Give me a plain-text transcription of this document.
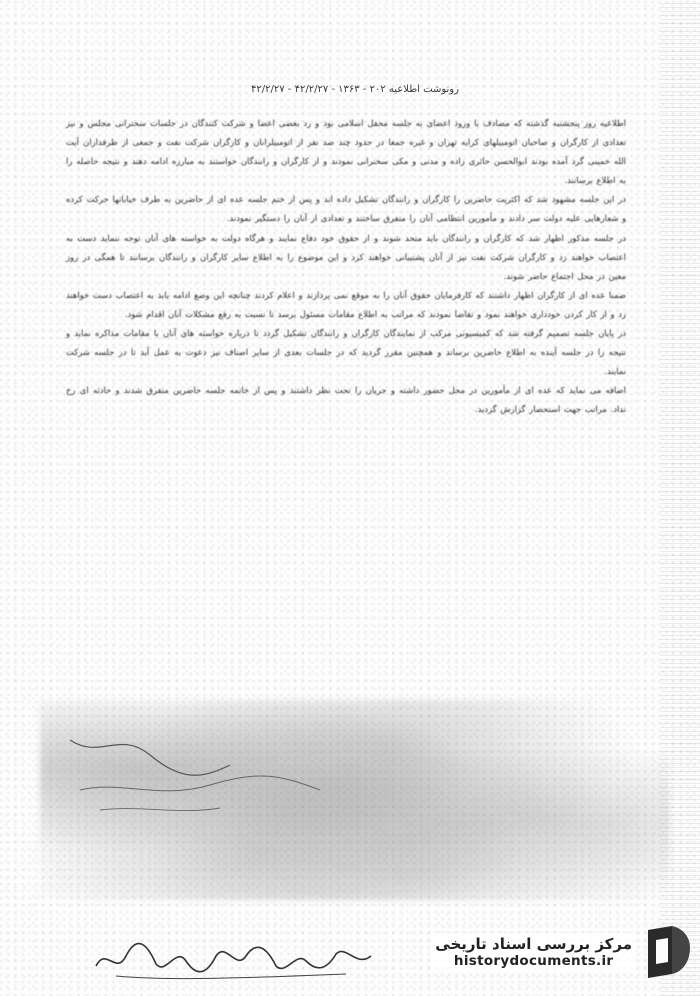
رونوشت اطلاعیه ۲۰۲ - ۱۳۶۳ - ۴۲/۲/۲۷ - ۴۲/۲/۲۷

اطلاعیه روز پنجشنبه گذشته که مصادف با ورود اعضای به جلسه محفل اسلامی بود و رد بعضی اعضا و شرکت کنندگان در جلسات سخنرانی مجلس و نیز تعدادی از کارگران و صاحبان اتومبیلهای کرایه تهران و غیره جمعا در حدود چند صد نفر از اتومبیلرانان و کارگران شرکت نفت و جمعی از طرفداران آیت الله خمینی گرد آمده بودند ابوالحسن حائری زاده و مدنی و مکی سخنرانی نمودند و از کارگران و رانندگان خواستند به مبارزه ادامه دهند و نتیجه حاصله را به اطلاع برسانند.

در این جلسه مشهود شد که اکثریت حاضرین را کارگران و رانندگان تشکیل داده اند و پس از ختم جلسه عده ای از حاضرین به طرف خیابانها حرکت کرده و شعارهایی علیه دولت سر دادند و مأمورین انتظامی آنان را متفرق ساختند و تعدادی از آنان را دستگیر نمودند.

در جلسه مذکور اظهار شد که کارگران و رانندگان باید متحد شوند و از حقوق خود دفاع نمایند و هرگاه دولت به خواسته های آنان توجه ننماید دست به اعتصاب خواهند زد و کارگران شرکت نفت نیز از آنان پشتیبانی خواهند کرد و این موضوع را به اطلاع سایر کارگران و رانندگان برسانند تا همگی در روز معین در محل اجتماع حاضر شوند.

ضمنا عده ای از کارگران اظهار داشتند که کارفرمایان حقوق آنان را به موقع نمی پردازند و اعلام کردند چنانچه این وضع ادامه یابد به اعتصاب دست خواهند زد و از کار کردن خودداری خواهند نمود و تقاضا نمودند که مراتب به اطلاع مقامات مسئول برسد تا نسبت به رفع مشکلات آنان اقدام شود.

در پایان جلسه تصمیم گرفته شد که کمیسیونی مرکب از نمایندگان کارگران و رانندگان تشکیل گردد تا درباره خواسته های آنان با مقامات مذاکره نماید و نتیجه را در جلسه آینده به اطلاع حاضرین برساند و همچنین مقرر گردید که در جلسات بعدی از سایر اصناف نیز دعوت به عمل آید تا در جلسه شرکت نمایند.

اضافه می نماید که عده ای از مأمورین در محل حضور داشته و جریان را تحت نظر داشتند و پس از خاتمه جلسه حاضرین متفرق شدند و حادثه ای رخ نداد. مراتب جهت استحضار گزارش گردید.

مرکز بررسی اسناد تاریخی
historydocuments.ir
